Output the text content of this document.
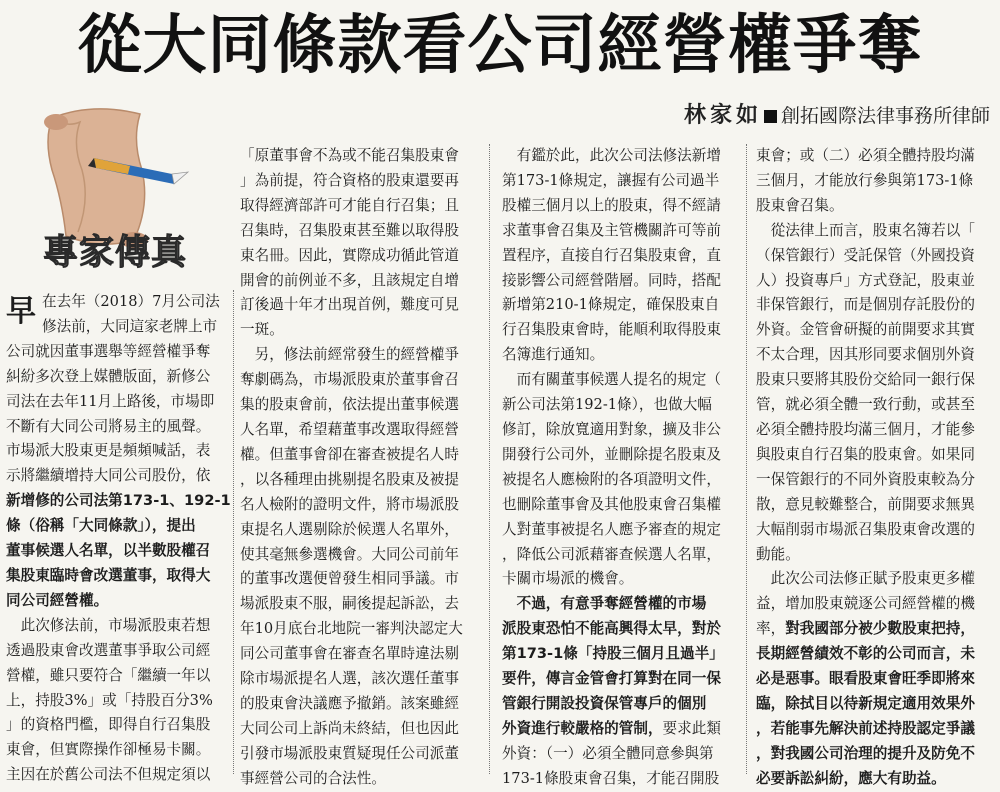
從大同條款看公司經營權爭奪
林家如 創拓國際法律事務所律師
專家傳真
早 在去年（2018）7月公司法
修法前，大同這家老牌上市
公司就因董事選舉等經營權爭奪
糾紛多次登上媒體版面，新修公
司法在去年11月上路後，市場即
不斷有大同公司將易主的風聲。
市場派大股東更是頻頻喊話，表
示將繼續增持大同公司股份，依
新增修的公司法第173-1、192-1
條（俗稱「大同條款」），提出
董事候選人名單，以半數股權召
集股東臨時會改選董事，取得大
同公司經營權。
　此次修法前，市場派股東若想
透過股東會改選董事爭取公司經
營權，雖只要符合「繼續一年以
上，持股3%」或「持股百分3%
」的資格門檻，即得自行召集股
東會，但實際操作卻極易卡關。
主因在於舊公司法不但規定須以
「原董事會不為或不能召集股東會
」為前提，符合資格的股東還要再
取得經濟部許可才能自行召集；且
召集時，召集股東甚至難以取得股
東名冊。因此，實際成功循此管道
開會的前例並不多，且該規定自增
訂後過十年才出現首例，難度可見
一斑。
　另，修法前經常發生的經營權爭
奪劇碼為，市場派股東於董事會召
集的股東會前，依法提出董事候選
人名單，希望藉董事改選取得經營
權。但董事會卻在審查被提名人時
，以各種理由挑剔提名股東及被提
名人檢附的證明文件，將市場派股
東提名人選剔除於候選人名單外，
使其毫無參選機會。大同公司前年
的董事改選便曾發生相同爭議。市
場派股東不服，嗣後提起訴訟，去
年10月底台北地院一審判決認定大
同公司董事會在審查名單時違法剔
除市場派提名人選，該次選任董事
的股東會決議應予撤銷。該案雖經
大同公司上訴尚未終結，但也因此
引發市場派股東質疑現任公司派董
事經營公司的合法性。
　有鑑於此，此次公司法修法新增
第173-1條規定，讓握有公司過半
股權三個月以上的股東，得不經請
求董事會召集及主管機關許可等前
置程序，直接自行召集股東會，直
接影響公司經營階層。同時，搭配
新增第210-1條規定，確保股東自
行召集股東會時，能順利取得股東
名簿進行通知。
　而有關董事候選人提名的規定（
新公司法第192-1條），也做大幅
修訂，除放寬適用對象，擴及非公
開發行公司外，並刪除提名股東及
被提名人應檢附的各項證明文件，
也刪除董事會及其他股東會召集權
人對董事被提名人應予審查的規定
，降低公司派藉審查候選人名單，
卡關市場派的機會。
　不過，有意爭奪經營權的市場
派股東恐怕不能高興得太早，對於
第173-1條「持股三個月且過半」
要件，傳言金管會打算對在同一保
管銀行開設投資保管專戶的個別
外資進行較嚴格的管制，要求此類
外資：（一）必須全體同意參與第
173-1條股東會召集，才能召開股
東會；或（二）必須全體持股均滿
三個月，才能放行參與第173-1條
股東會召集。
　從法律上而言，股東名簿若以「
（保管銀行）受託保管（外國投資
人）投資專戶」方式登記，股東並
非保管銀行，而是個別存託股份的
外資。金管會研擬的前開要求其實
不太合理，因其形同要求個別外資
股東只要將其股份交給同一銀行保
管，就必須全體一致行動，或甚至
必須全體持股均滿三個月，才能參
與股東自行召集的股東會。如果同
一保管銀行的不同外資股東較為分
散，意見較難整合，前開要求無異
大幅削弱市場派召集股東會改選的
動能。
　此次公司法修正賦予股東更多權
益，增加股東競逐公司經營權的機
率，對我國部分被少數股東把持，
長期經營績效不彰的公司而言，未
必是惡事。眼看股東會旺季即將來
臨，除拭目以待新規定適用效果外
，若能事先解決前述持股認定爭議
，對我國公司治理的提升及防免不
必要訴訟糾紛，應大有助益。
